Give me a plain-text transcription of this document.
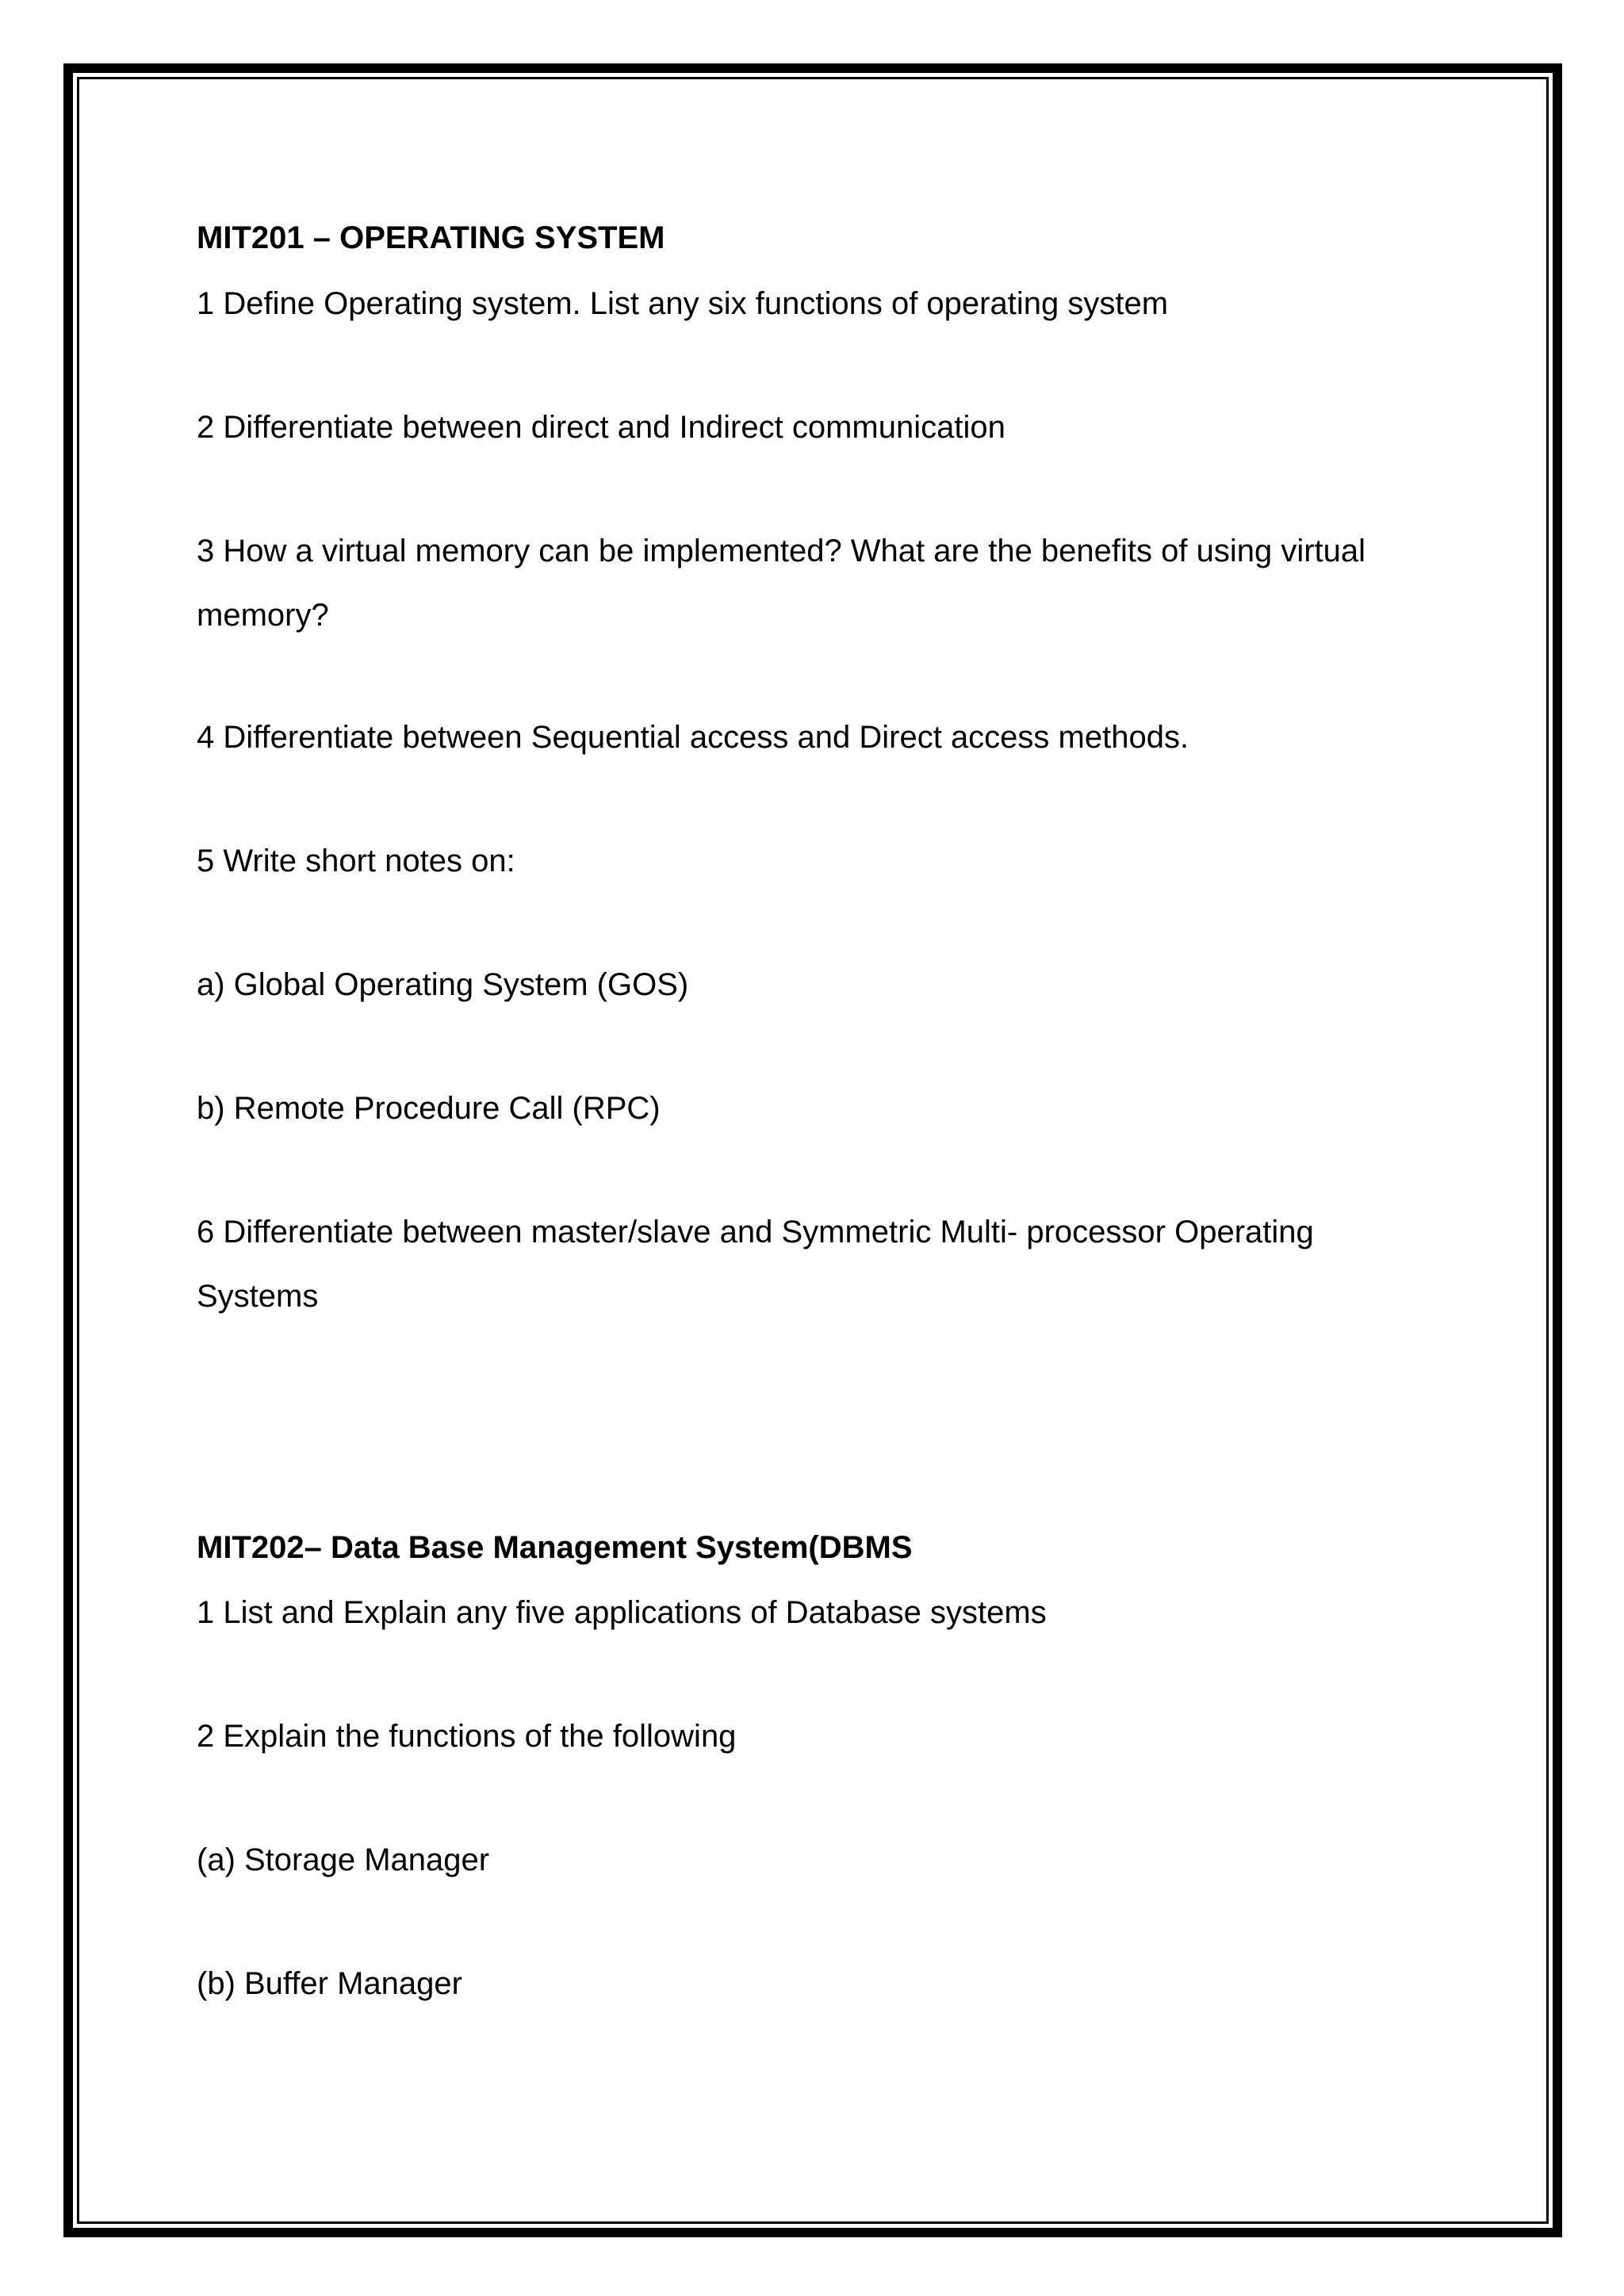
MIT201 – OPERATING SYSTEM
1 Define Operating system. List any six functions of operating system
2 Differentiate between direct and Indirect communication
3 How a virtual memory can be implemented? What are the benefits of using virtual
memory?
4 Differentiate between Sequential access and Direct access methods.
5 Write short notes on:
a) Global Operating System (GOS)
b) Remote Procedure Call (RPC)
6 Differentiate between master/slave and Symmetric Multi- processor Operating
Systems
MIT202– Data Base Management System(DBMS
1 List and Explain any five applications of Database systems
2 Explain the functions of the following
(a) Storage Manager
(b) Buffer Manager
